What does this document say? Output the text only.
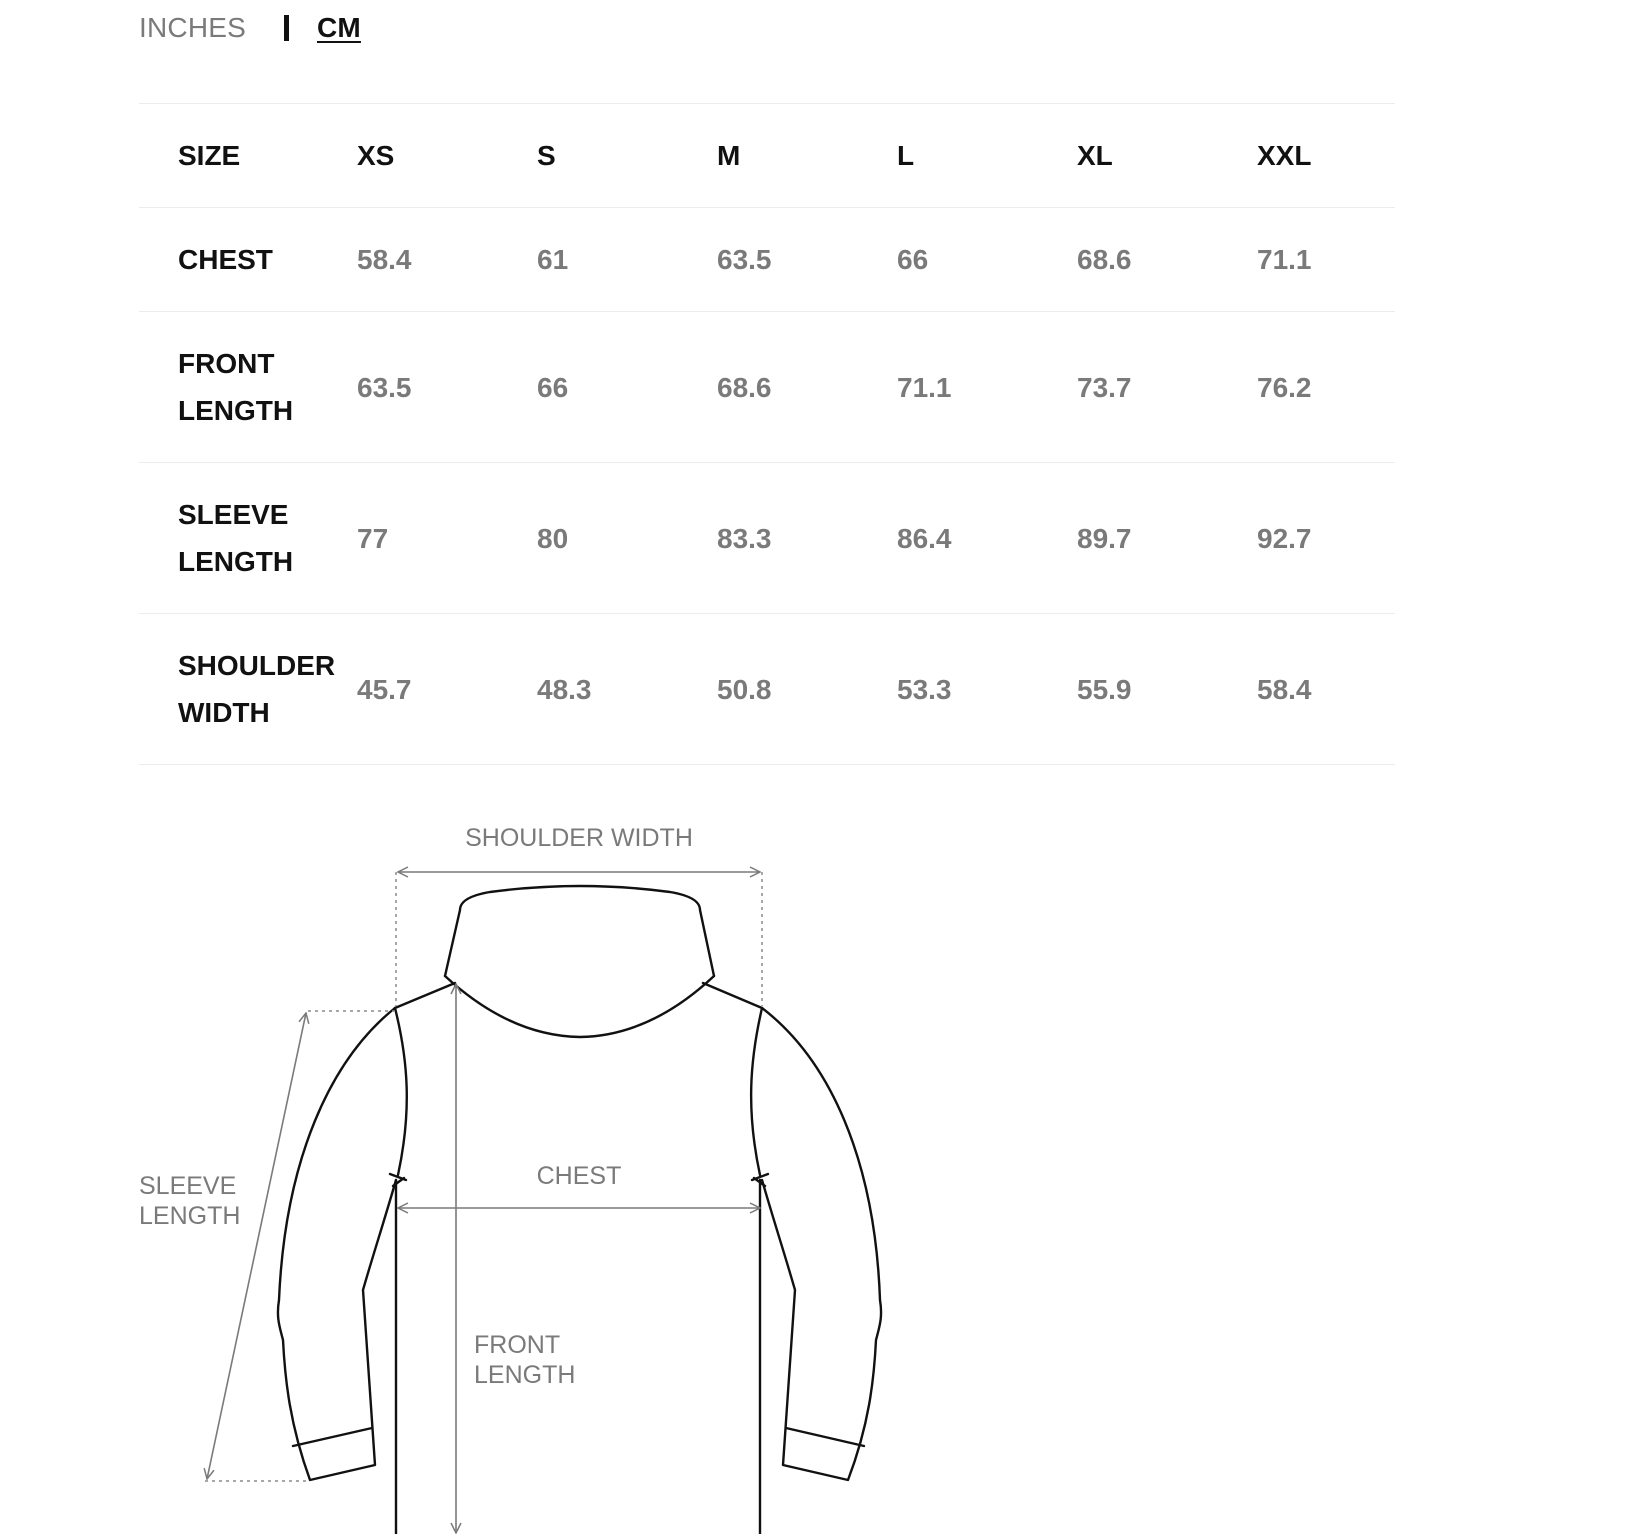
INCHES	CM
SIZE	XS	S	M	L	XL	XXL
CHEST	58.4	61	63.5	66	68.6	71.1
FRONT
LENGTH	63.5	66	68.6	71.1	73.7	76.2
SLEEVE
LENGTH	77	80	83.3	86.4	89.7	92.7
SHOULDER
WIDTH	45.7	48.3	50.8	53.3	55.9	58.4
SHOULDER WIDTH
CHEST
FRONT
LENGTH
SLEEVE
LENGTH
